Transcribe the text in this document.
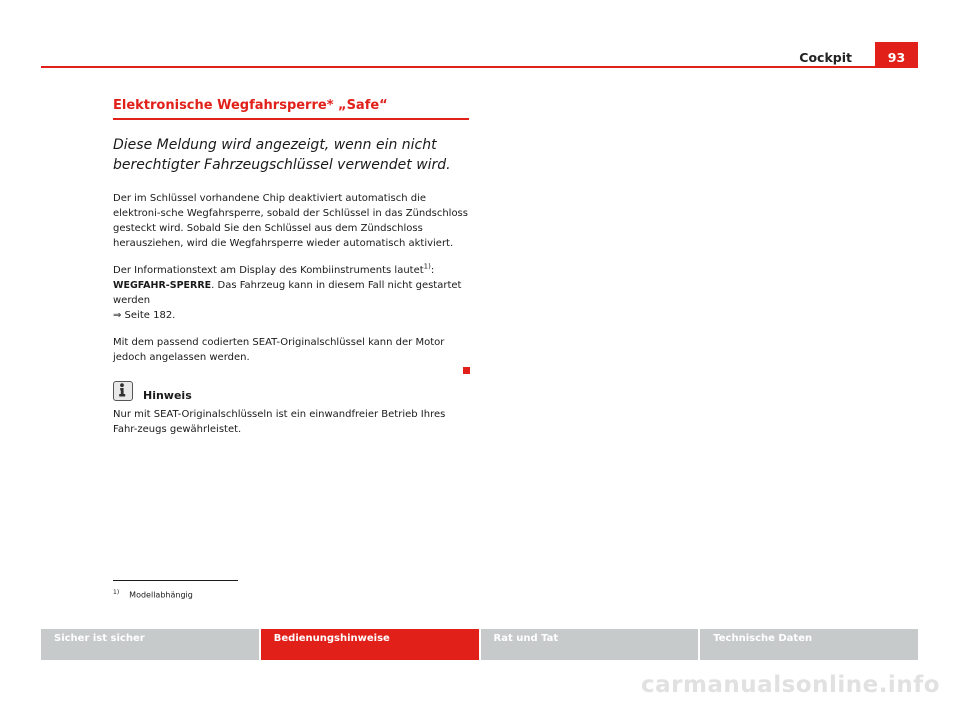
Cockpit	93
Elektronische Wegfahrsperre* „Safe“
Diese Meldung wird angezeigt, wenn ein nicht berechtigter Fahrzeugschlüssel verwendet wird.
Der im Schlüssel vorhandene Chip deaktiviert automatisch die elektroni-sche Wegfahrsperre, sobald der Schlüssel in das Zündschloss gesteckt wird. Sobald Sie den Schlüssel aus dem Zündschloss herausziehen, wird die Wegfahrsperre wieder automatisch aktiviert.
Der Informationstext am Display des Kombiinstruments lautet$^{1)}$: WEGFAHR-SPERRE. Das Fahrzeug kann in diesem Fall nicht gestartet werden
⇒ Seite 182.
Mit dem passend codierten SEAT-Originalschlüssel kann der Motor jedoch angelassen werden.
Hinweis
Nur mit SEAT-Originalschlüsseln ist ein einwandfreier Betrieb Ihres Fahr-zeugs gewährleistet.
$^{1)}$ Modellabhängig
Sicher ist sicher	Bedienungshinweise	Rat und Tat	Technische Daten
carmanualsonline.info
